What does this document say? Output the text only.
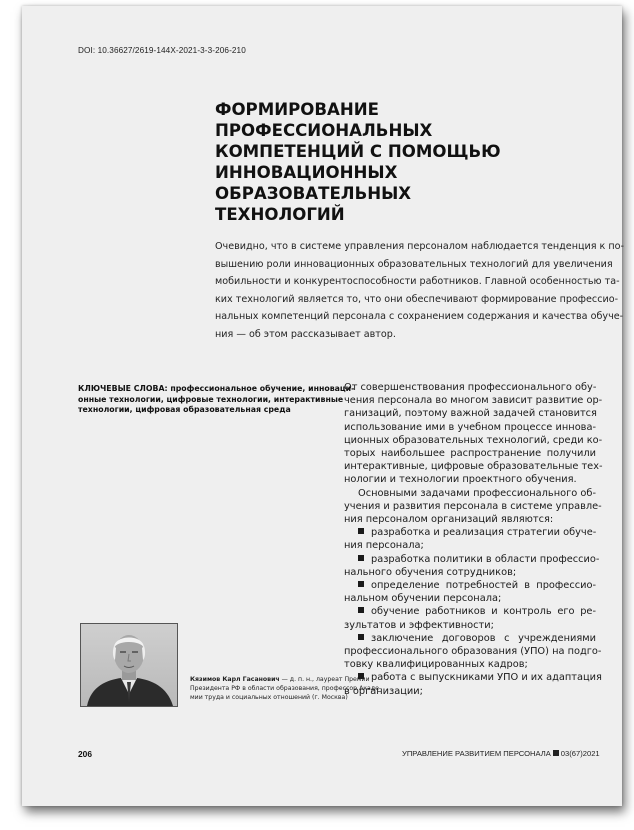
DOI: 10.36627/2619-144X-2021-3-3-206-210
ФОРМИРОВАНИЕ ПРОФЕССИОНАЛЬНЫХ
КОМПЕТЕНЦИЙ С ПОМОЩЬЮ
ИННОВАЦИОННЫХ ОБРАЗОВАТЕЛЬНЫХ
ТЕХНОЛОГИЙ

Очевидно, что в системе управления персоналом наблюдается тенденция к по-
вышению роли инновационных образовательных технологий для увеличения
мобильности и конкурентоспособности работников. Главной особенностью та-
ких технологий является то, что они обеспечивают формирование профессио-
нальных компетенций персонала с сохранением содержания и качества обуче-
ния — об этом рассказывает автор.

КЛЮЧЕВЫЕ СЛОВА: профессиональное обучение, инноваци-
онные технологии, цифровые технологии, интерактивные
технологии, цифровая образовательная среда

От совершенствования профессионального обу-
чения персонала во многом зависит развитие ор-
ганизаций, поэтому важной задачей становится
использование ими в учебном процессе иннова-
ционных образовательных технологий, среди ко-
торых наибольшее распространение получили
интерактивные, цифровые образовательные тех-
нологии и технологии проектного обучения.
Основными задачами профессионального об-
учения и развития персонала в системе управле-
ния персоналом организаций являются:
разработка и реализация стратегии обуче-
ния персонала;
разработка политики в области профессио-
нального обучения сотрудников;
определение потребностей в профессио-
нальном обучении персонала;
обучение работников и контроль его ре-
зультатов и эффективности;
заключение договоров с учреждениями
профессионального образования (УПО) на подго-
товку квалифицированных кадров;
работа с выпускниками УПО и их адаптация
в организации;

Кязимов Карл Гасанович — д. п. н., лауреат Премии
Президента РФ в области образования, профессор Акаде-
мии труда и социальных отношений (г. Москва)

206	УПРАВЛЕНИЕ РАЗВИТИЕМ ПЕРСОНАЛА 03(67)2021
